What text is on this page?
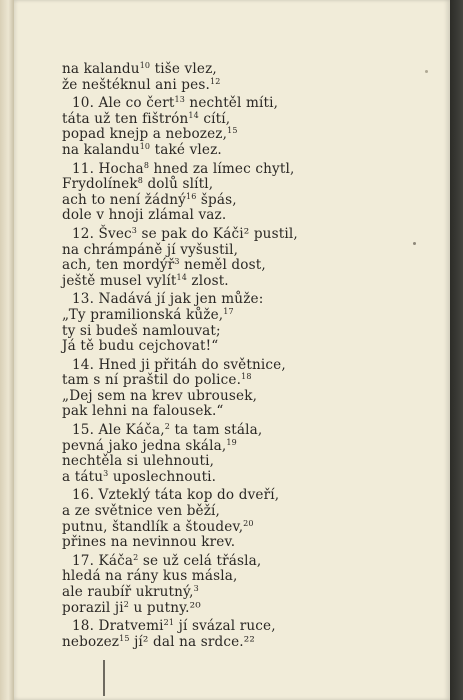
na kalandu$^{10}$ tiše vlez,
že neštéknul ani pes.$^{12}$
10. Ale co čert$^{13}$ nechtěl míti,
táta už ten fištrón$^{14}$ cítí,
popad knejp a nebozez,$^{15}$
na kalandu$^{10}$ také vlez.
11. Hocha$^8$ hned za límec chytl,
Frydolínek$^8$ dolů slítl,
ach to není žádný$^{16}$ špás,
dole v hnoji zlámal vaz.
12. Švec$^3$ se pak do Káči² pustil,
na chrámpáně jí vyšustil,
ach, ten mordýř$^3$ neměl dost,
ještě musel vylít$^{14}$ zlost.
13. Nadává jí jak jen může:
„Ty pramilionská kůže,$^{17}$
ty si budeš namlouvat;
Já tě budu cejchovat!“
14. Hned ji přitáh do světnice,
tam s ní praštil do police.$^{18}$
„Dej sem na krev ubrousek,
pak lehni na falousek.“
15. Ale Káča,$^2$ ta tam stála,
pevná jako jedna skála,$^{19}$
nechtěla si ulehnouti,
a tátu$^3$ uposlechnouti.
16. Vzteklý táta kop do dveří,
a ze světnice ven běží,
putnu, štandlík a štoudev,$^{20}$
přines na nevinnou krev.
17. Káča$^2$ se už celá třásla,
hledá na rány kus másla,
ale raubíř ukrutný,$^3$
porazil $ji^2$ u putny.²⁰
18. Dratvemi$^{21}$ jí svázal ruce,
nebozez$^{15}$ jí² dal na srdce.²²
